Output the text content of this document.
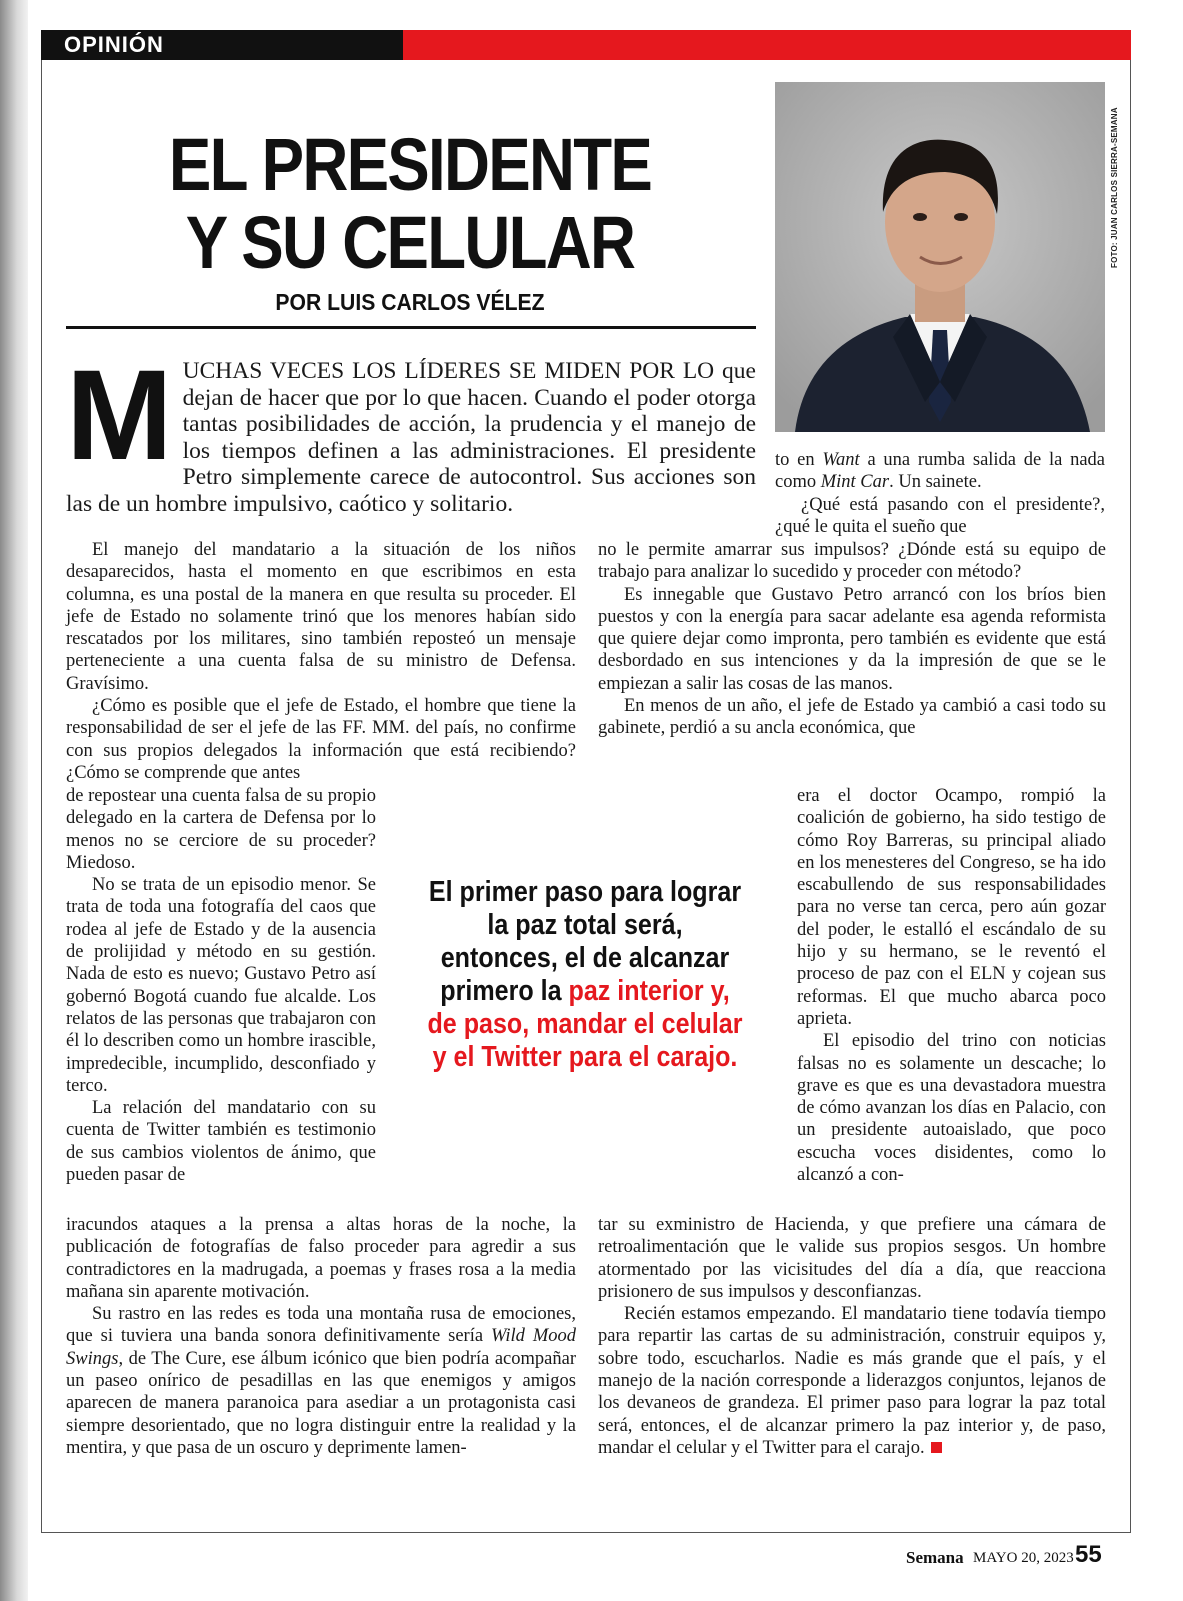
OPINIÓN
EL PRESIDENTE
Y SU CELULAR

POR LUIS CARLOS VÉLEZ

FOTO: JUAN CARLOS SIERRA-SEMANA
MUCHAS VECES LOS LÍDERES SE MIDEN POR LO que dejan de hacer que por lo que hacen. Cuando el poder otorga tantas posibilidades de acción, la prudencia y el manejo de los tiempos definen a las administraciones. El presidente Petro simplemente carece de autocontrol. Sus acciones son las de un hombre impulsivo, caótico y solitario.

El manejo del mandatario a la situación de los niños desaparecidos, hasta el momento en que escribimos en esta columna, es una postal de la manera en que resulta su proceder. El jefe de Estado no solamente trinó que los menores habían sido rescatados por los militares, sino también reposteó un mensaje perteneciente a una cuenta falsa de su ministro de Defensa. Gravísimo.

¿Cómo es posible que el jefe de Estado, el hombre que tiene la responsabilidad de ser el jefe de las FF. MM. del país, no confirme con sus propios delegados la información que está recibiendo? ¿Cómo se comprende que antes

de repostear una cuenta falsa de su propio delegado en la cartera de Defensa por lo menos no se cerciore de su proceder? Miedoso.

No se trata de un episodio menor. Se trata de toda una fotografía del caos que rodea al jefe de Estado y de la ausencia de prolijidad y método en su gestión. Nada de esto es nuevo; Gustavo Petro así gobernó Bogotá cuando fue alcalde. Los relatos de las personas que trabajaron con él lo describen como un hombre irascible, impredecible, incumplido, desconfiado y terco.

La relación del mandatario con su cuenta de Twitter también es testimonio de sus cambios violentos de ánimo, que pueden pasar de

iracundos ataques a la prensa a altas horas de la noche, la publicación de fotografías de falso proceder para agredir a sus contradictores en la madrugada, a poemas y frases rosa a la media mañana sin aparente motivación.

Su rastro en las redes es toda una montaña rusa de emociones, que si tuviera una banda sonora definitivamente sería Wild Mood Swings, de The Cure, ese álbum icónico que bien podría acompañar un paseo onírico de pesadillas en las que enemigos y amigos aparecen de manera paranoica para asediar a un protagonista casi siempre desorientado, que no logra distinguir entre la realidad y la mentira, y que pasa de un oscuro y deprimente lamen-

to en Want a una rumba salida de la nada como Mint Car. Un sainete.

¿Qué está pasando con el presidente?, ¿qué le quita el sueño que

no le permite amarrar sus impulsos? ¿Dónde está su equipo de trabajo para analizar lo sucedido y proceder con método?

Es innegable que Gustavo Petro arrancó con los bríos bien puestos y con la energía para sacar adelante esa agenda reformista que quiere dejar como impronta, pero también es evidente que está desbordado en sus intenciones y da la impresión de que se le empiezan a salir las cosas de las manos.

En menos de un año, el jefe de Estado ya cambió a casi todo su gabinete, perdió a su ancla económica, que

era el doctor Ocampo, rompió la coalición de gobierno, ha sido testigo de cómo Roy Barreras, su principal aliado en los menesteres del Congreso, se ha ido escabullendo de sus responsabilidades para no verse tan cerca, pero aún gozar del poder, le estalló el escándalo de su hijo y su hermano, se le reventó el proceso de paz con el ELN y cojean sus reformas. El que mucho abarca poco aprieta.

El episodio del trino con noticias falsas no es solamente un descache; lo grave es que es una devastadora muestra de cómo avanzan los días en Palacio, con un presidente autoaislado, que poco escucha voces disidentes, como lo alcanzó a con-

tar su exministro de Hacienda, y que prefiere una cámara de retroalimentación que le valide sus propios sesgos. Un hombre atormentado por las vicisitudes del día a día, que reacciona prisionero de sus impulsos y desconfianzas.

Recién estamos empezando. El mandatario tiene todavía tiempo para repartir las cartas de su administración, construir equipos y, sobre todo, escucharlos. Nadie es más grande que el país, y el manejo de la nación corresponde a liderazgos conjuntos, lejanos de los devaneos de grandeza. El primer paso para lograr la paz total será, entonces, el de alcanzar primero la paz interior y, de paso, mandar el celular y el Twitter para el carajo.

El primer paso para lograr la paz total será, entonces, el de alcanzar primero la paz interior y, de paso, mandar el celular y el Twitter para el carajo.

Semana MAYO 20, 2023 55
